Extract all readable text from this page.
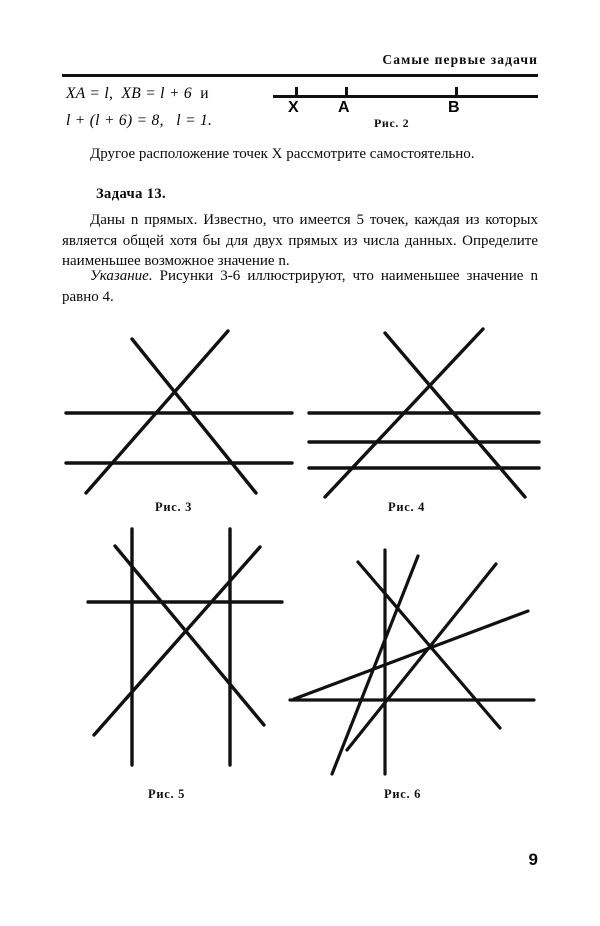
Самые первые задачи
XA = l, XB = l + 6 и
l + (l + 6) = 8, l = 1.
X A	B
Рис. 2
Другое расположение точек X рассмотрите самостоятельно.
Задача 13.
Даны n прямых. Известно, что имеется 5 точек, каждая из которых является общей хотя бы для двух прямых из числа данных. Определите наименьшее возможное значение n.
Указание. Рисунки 3-6 иллюстрируют, что наименьшее значение n равно 4.
Рис. 3	Рис. 4
Рис. 5	Рис. 6
9
